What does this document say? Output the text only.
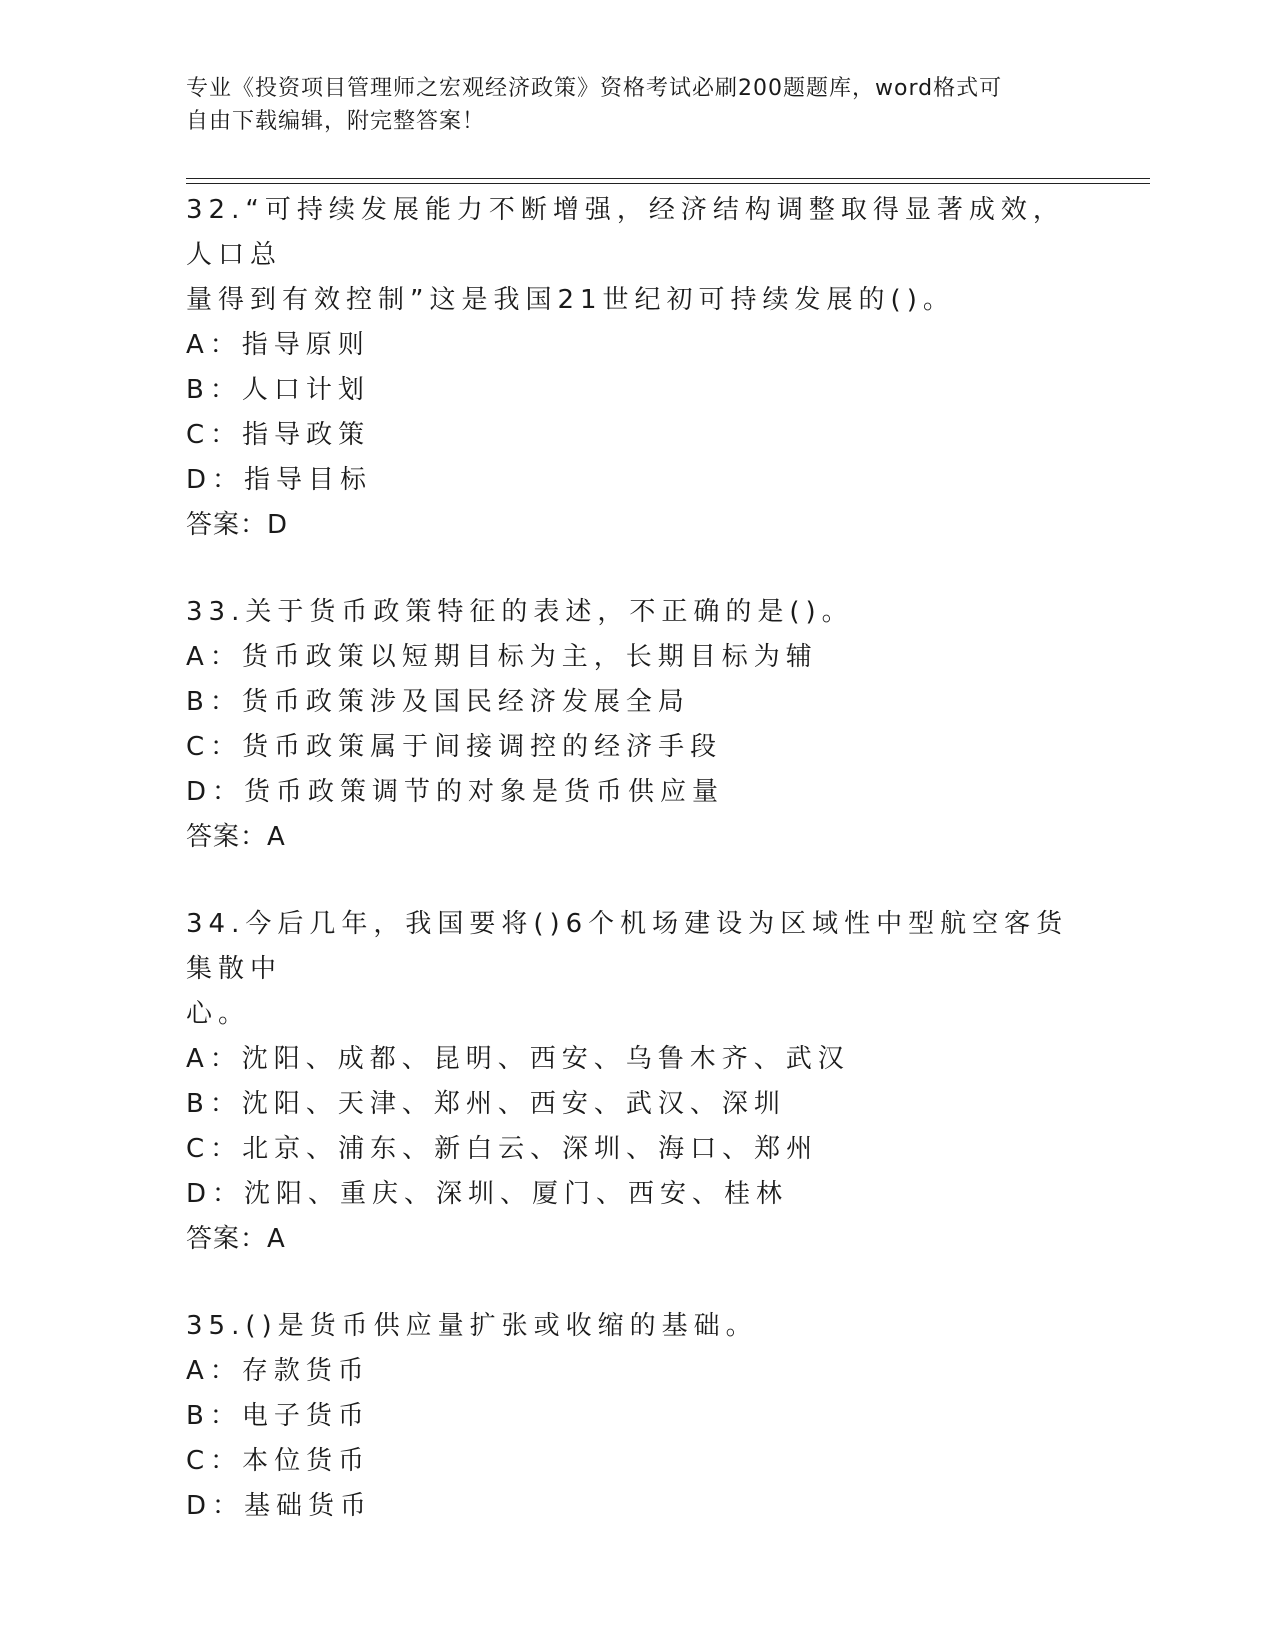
专业《投资项目管理师之宏观经济政策》资格考试必刷200题题库，word格式可
自由下载编辑，附完整答案！
32.“可持续发展能力不断增强，经济结构调整取得显著成效，人口总
量得到有效控制”这是我国21世纪初可持续发展的()。
A：指导原则
B：人口计划
C：指导政策
D：指导目标
答案：D
33.关于货币政策特征的表述，不正确的是()。
A：货币政策以短期目标为主，长期目标为辅
B：货币政策涉及国民经济发展全局
C：货币政策属于间接调控的经济手段
D：货币政策调节的对象是货币供应量
答案：A
34.今后几年，我国要将()6个机场建设为区域性中型航空客货集散中
心。
A：沈阳、成都、昆明、西安、乌鲁木齐、武汉
B：沈阳、天津、郑州、西安、武汉、深圳
C：北京、浦东、新白云、深圳、海口、郑州
D：沈阳、重庆、深圳、厦门、西安、桂林
答案：A
35.()是货币供应量扩张或收缩的基础。
A：存款货币
B：电子货币
C：本位货币
D：基础货币
